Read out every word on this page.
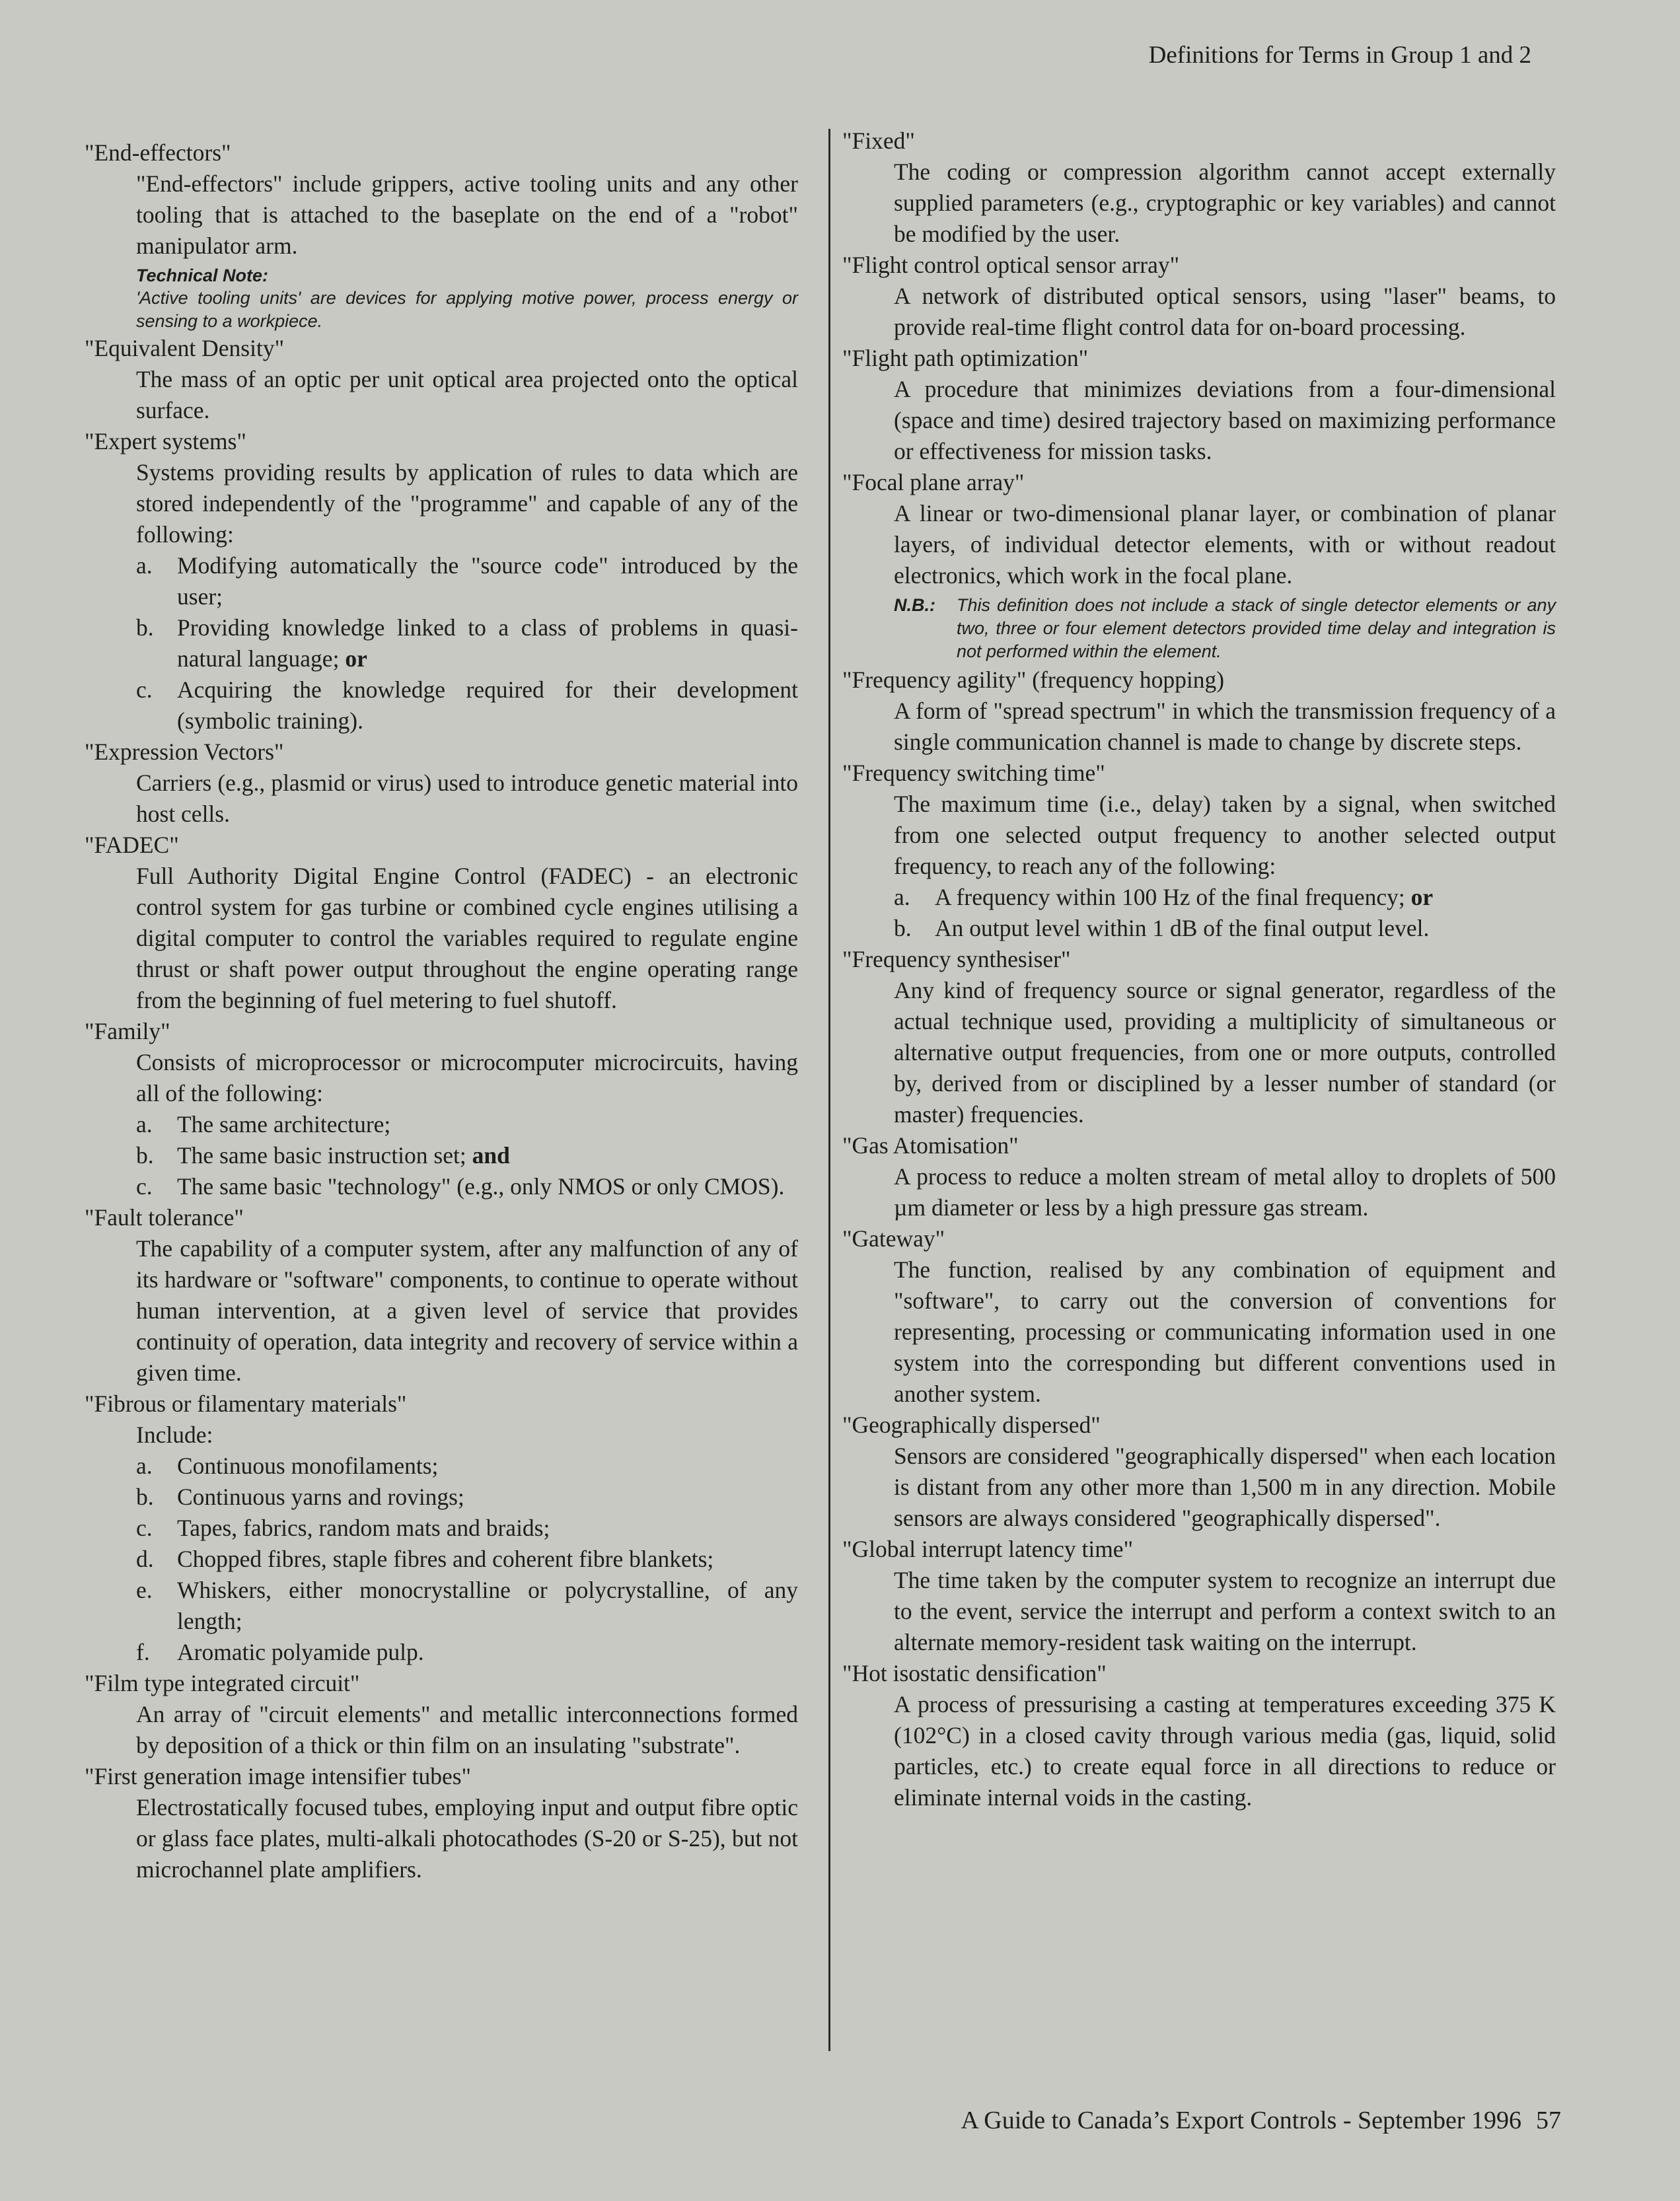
Definitions for Terms in Group 1 and 2

"End-effectors"

"End-effectors" include grippers, active tooling units and any other tooling that is attached to the baseplate on the end of a "robot" manipulator arm.

Technical Note:
'Active tooling units' are devices for applying motive power, process energy or sensing to a workpiece.

"Equivalent Density"

The mass of an optic per unit optical area projected onto the optical surface.

"Expert systems"

Systems providing results by application of rules to data which are stored independently of the "programme" and capable of any of the following:

a.	Modifying automatically the "source code" introduced by the user;
b. Providing knowledge linked to a class of problems in quasi-natural language; or
c.	Acquiring the knowledge required for their development (symbolic training).

"Expression Vectors"

Carriers (e.g., plasmid or virus) used to introduce genetic material into host cells.

"FADEC"

Full Authority Digital Engine Control (FADEC) - an electronic control system for gas turbine or combined cycle engines utilising a digital computer to control the variables required to regulate engine thrust or shaft power output throughout the engine operating range from the beginning of fuel metering to fuel shutoff.

"Family"

Consists of microprocessor or microcomputer microcircuits, having all of the following:

a.	The same architecture;
b. The same basic instruction set; and
c.	The same basic "technology" (e.g., only NMOS or only CMOS).

"Fault tolerance"

The capability of a computer system, after any malfunction of any of its hardware or "software" components, to continue to operate without human intervention, at a given level of service that provides continuity of operation, data integrity and recovery of service within a given time.

"Fibrous or filamentary materials"

Include:

a.	Continuous monofilaments;
b. Continuous yarns and rovings;
c.	Tapes, fabrics, random mats and braids;
d. Chopped fibres, staple fibres and coherent fibre blankets;
e.	Whiskers, either monocrystalline or polycrystalline, of any length;
f.	Aromatic polyamide pulp.

"Film type integrated circuit"

An array of "circuit elements" and metallic interconnections formed by deposition of a thick or thin film on an insulating "substrate".

"First generation image intensifier tubes"

Electrostatically focused tubes, employing input and output fibre optic or glass face plates, multi-alkali photocathodes (S-20 or S-25), but not microchannel plate amplifiers.

"Fixed"

The coding or compression algorithm cannot accept externally supplied parameters (e.g., cryptographic or key variables) and cannot be modified by the user.

"Flight control optical sensor array"

A network of distributed optical sensors, using "laser" beams, to provide real-time flight control data for on-board processing.

"Flight path optimization"

A procedure that minimizes deviations from a four-dimensional (space and time) desired trajectory based on maximizing performance or effectiveness for mission tasks.

"Focal plane array"

A linear or two-dimensional planar layer, or combination of planar layers, of individual detector elements, with or without readout electronics, which work in the focal plane.

N.B.:	This definition does not include a stack of single detector elements or any two, three or four element detectors provided time delay and integration is not performed within the element.

"Frequency agility" (frequency hopping)

A form of "spread spectrum" in which the transmission frequency of a single communication channel is made to change by discrete steps.

"Frequency switching time"

The maximum time (i.e., delay) taken by a signal, when switched from one selected output frequency to another selected output frequency, to reach any of the following:

a.	A frequency within 100 Hz of the final frequency; or
b. An output level within 1 dB of the final output level.

"Frequency synthesiser"

Any kind of frequency source or signal generator, regardless of the actual technique used, providing a multiplicity of simultaneous or alternative output frequencies, from one or more outputs, controlled by, derived from or disciplined by a lesser number of standard (or master) frequencies.

"Gas Atomisation"

A process to reduce a molten stream of metal alloy to droplets of 500 µm diameter or less by a high pressure gas stream.

"Gateway"

The function, realised by any combination of equipment and "software", to carry out the conversion of conventions for representing, processing or communicating information used in one system into the corresponding but different conventions used in another system.

"Geographically dispersed"

Sensors are considered "geographically dispersed" when each location is distant from any other more than 1,500 m in any direction. Mobile sensors are always considered "geographically dispersed".

"Global interrupt latency time"

The time taken by the computer system to recognize an interrupt due to the event, service the interrupt and perform a context switch to an alternate memory-resident task waiting on the interrupt.

"Hot isostatic densification"

A process of pressurising a casting at temperatures exceeding 375 K (102°C) in a closed cavity through various media (gas, liquid, solid particles, etc.) to create equal force in all directions to reduce or eliminate internal voids in the casting.

A Guide to Canada’s Export Controls - September 1996 57
